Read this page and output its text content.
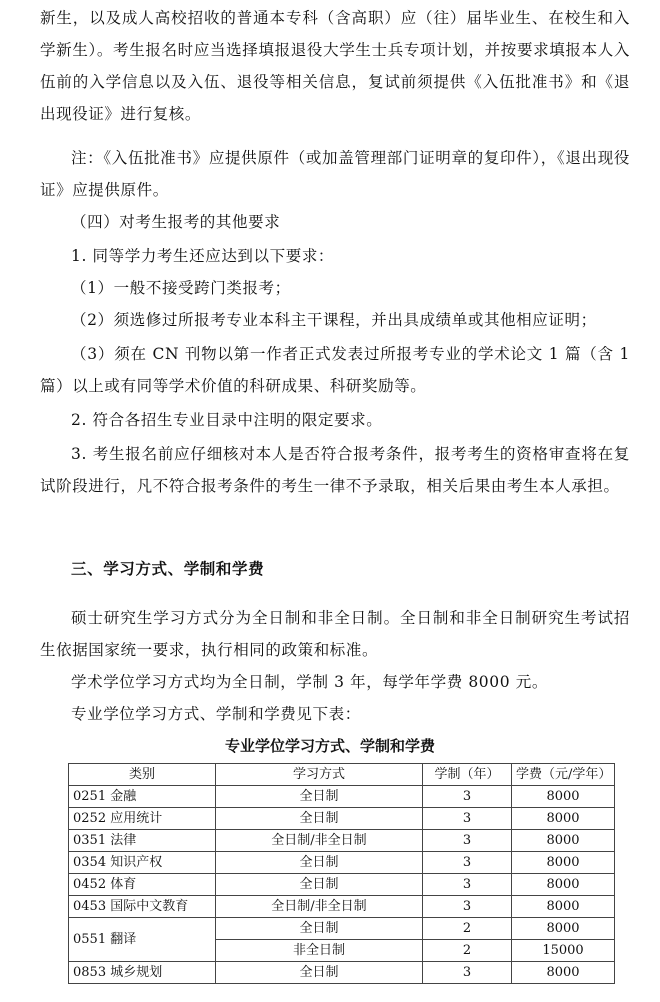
新生，以及成人高校招收的普通本专科（含高职）应（往）届毕业生、在校生和入学新生）。考生报名时应当选择填报退役大学生士兵专项计划，并按要求填报本人入伍前的入学信息以及入伍、退役等相关信息，复试前须提供《入伍批准书》和《退出现役证》进行复核。

注：《入伍批准书》应提供原件（或加盖管理部门证明章的复印件），《退出现役证》应提供原件。

（四）对考生报考的其他要求

1. 同等学力考生还应达到以下要求：

（1）一般不接受跨门类报考；

（2）须选修过所报考专业本科主干课程，并出具成绩单或其他相应证明；

（3）须在 CN 刊物以第一作者正式发表过所报考专业的学术论文 1 篇（含 1 篇）以上或有同等学术价值的科研成果、科研奖励等。

2. 符合各招生专业目录中注明的限定要求。

3. 考生报名前应仔细核对本人是否符合报考条件，报考考生的资格审查将在复试阶段进行，凡不符合报考条件的考生一律不予录取，相关后果由考生本人承担。

三、学习方式、学制和学费

硕士研究生学习方式分为全日制和非全日制。全日制和非全日制研究生考试招生依据国家统一要求，执行相同的政策和标准。

学术学位学习方式均为全日制，学制 3 年，每学年学费 8000 元。

专业学位学习方式、学制和学费见下表：

专业学位学习方式、学制和学费
类别	学习方式	学制（年）	学费（元/学年）
0251 金融	全日制	3	8000
0252 应用统计	全日制	3	8000
0351 法律	全日制/非全日制	3	8000
0354 知识产权	全日制	3	8000
0452 体育	全日制	3	8000
0453 国际中文教育	全日制/非全日制	3	8000
0551 翻译	全日制	2	8000
	非全日制	2	15000
0853 城乡规划	全日制	3	8000
